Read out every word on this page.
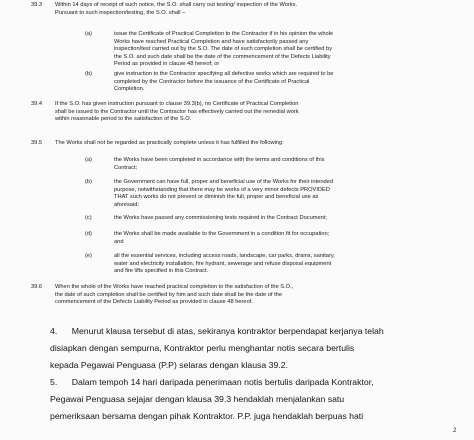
39.3 Within 14 days of receipt of such notice, the S.O. shall carry out testing/ inspection of the Works.
Pursuant to such inspection/testing, the S.O. shall –
(a)	issue the Certificate of Practical Completion to the Contractor if in his opinion the whole
Works have reached Practical Completion and have satisfactorily passed any
inspection/test carried out by the S.O. The date of such completion shall be certified by
the S.O. and such date shall be the date of the commencement of the Defects Liability
Period as provided in clause 48 hereof; or
(b)	give instruction to the Contractor specifying all defective works which are required to be
completed by the Contractor before the issuance of the Certificate of Practical
Completion.
39.4 If the S.O. has given instruction pursuant to clause 39.3(b), no Certificate of Practical Completion
shall be issued to the Contractor until the Contractor has effectively carried out the remedial work
within reasonable period to the satisfaction of the S.O.
39.5 The Works shall not be regarded as practically complete unless it has fulfilled the following:
(a)	the Works have been completed in accordance with the terms and conditions of this
Contract;
(b)	the Government can have full, proper and beneficial use of the Works for their intended
purpose, notwithstanding that there may be works of a very minor defects PROVIDED
THAT such works do not prevent or diminish the full, proper and beneficial use as
aforesaid;
(c)	the Works have passed any commissioning tests required in the Contract Document;
(d)	the Works shall be made available to the Government in a condition fit for occupation;
and
(e)	all the essential services, including access roads, landscape, car parks, drains, sanitary,
water and electricity installation, fire hydrant, sewerage and refuse disposal equipment
and fire lifts specified in this Contract.
39.6 When the whole of the Works have reached practical completion to the satisfaction of the S.O.,
the date of such completion shall be certified by him and such date shall be the date of the
commencement of the Defects Liability Period as provided in clause 48 hereof.
4.      Menurut klausa tersebut di atas, sekiranya kontraktor berpendapat kerjanya telah
disiapkan dengan sempurna, Kontraktor perlu menghantar notis secara bertulis
kepada Pegawai Penguasa (P.P) selaras dengan klausa 39.2.
5.      Dalam tempoh 14 hari daripada penerimaan notis bertulis daripada Kontraktor,
Pegawai Penguasa sejajar dengan klausa 39.3 hendaklah menjalankan satu
pemeriksaan bersama dengan pihak Kontraktor. P.P. juga hendaklah berpuas hati
2
